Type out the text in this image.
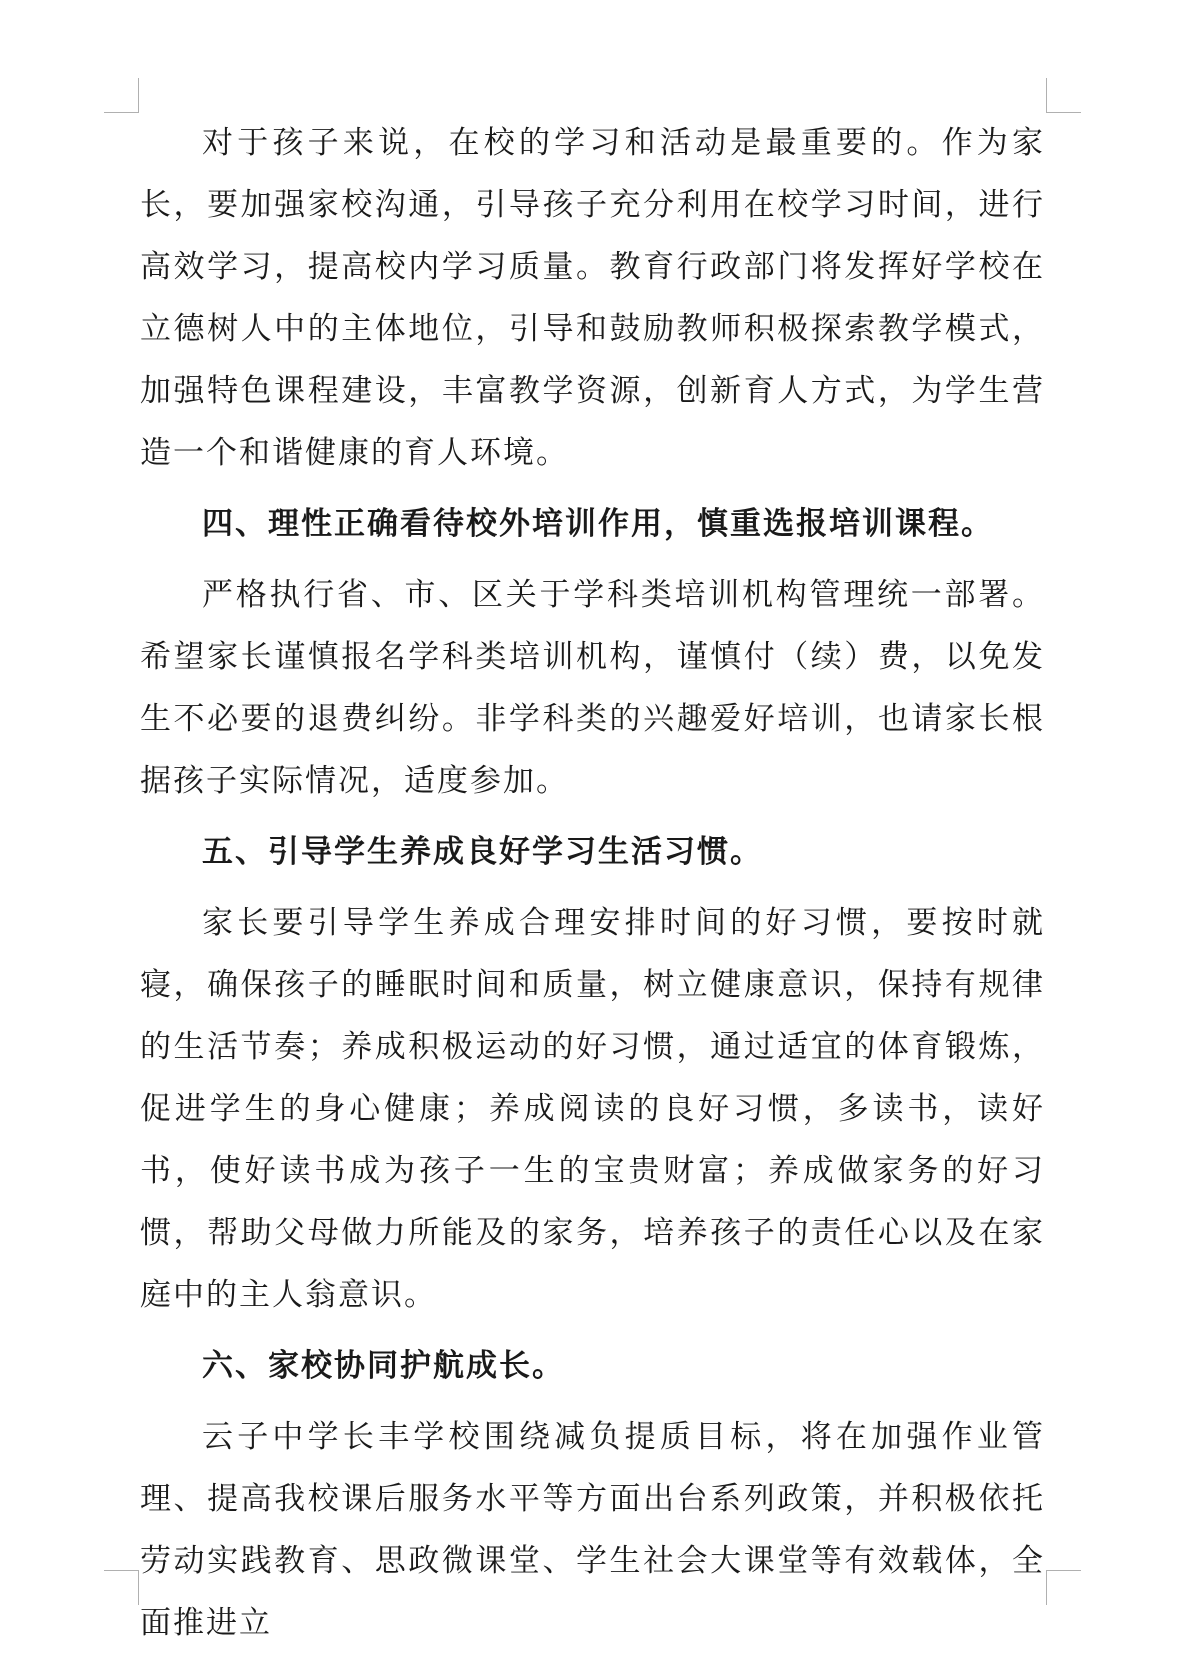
对于孩子来说，在校的学习和活动是最重要的。作为家长，要加强家校沟通，引导孩子充分利用在校学习时间，进行高效学习，提高校内学习质量。教育行政部门将发挥好学校在立德树人中的主体地位，引导和鼓励教师积极探索教学模式，加强特色课程建设，丰富教学资源，创新育人方式，为学生营造一个和谐健康的育人环境。

四、理性正确看待校外培训作用，慎重选报培训课程。

严格执行省、市、区关于学科类培训机构管理统一部署。希望家长谨慎报名学科类培训机构，谨慎付（续）费，以免发生不必要的退费纠纷。非学科类的兴趣爱好培训，也请家长根据孩子实际情况，适度参加。

五、引导学生养成良好学习生活习惯。

家长要引导学生养成合理安排时间的好习惯，要按时就寝，确保孩子的睡眠时间和质量，树立健康意识，保持有规律的生活节奏；养成积极运动的好习惯，通过适宜的体育锻炼，促进学生的身心健康；养成阅读的良好习惯，多读书，读好书，使好读书成为孩子一生的宝贵财富；养成做家务的好习惯，帮助父母做力所能及的家务，培养孩子的责任心以及在家庭中的主人翁意识。

六、家校协同护航成长。

云子中学长丰学校围绕减负提质目标，将在加强作业管理、提高我校课后服务水平等方面出台系列政策，并积极依托劳动实践教育、思政微课堂、学生社会大课堂等有效载体，全面推进立
